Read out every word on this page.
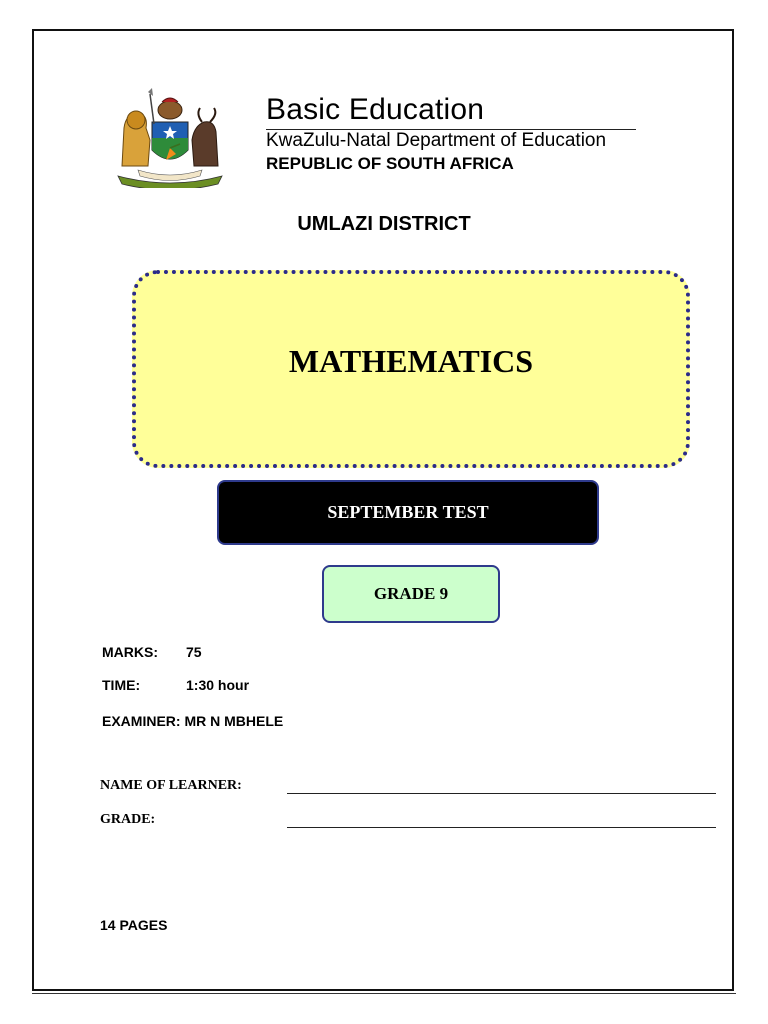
Basic Education
KwaZulu-Natal Department of Education
REPUBLIC OF SOUTH AFRICA
UMLAZI DISTRICT
MATHEMATICS
SEPTEMBER TEST
GRADE 9
MARKS: 75
TIME:	1:30 hour
EXAMINER: MR N MBHELE
NAME OF LEARNER:
GRADE:
14 PAGES
